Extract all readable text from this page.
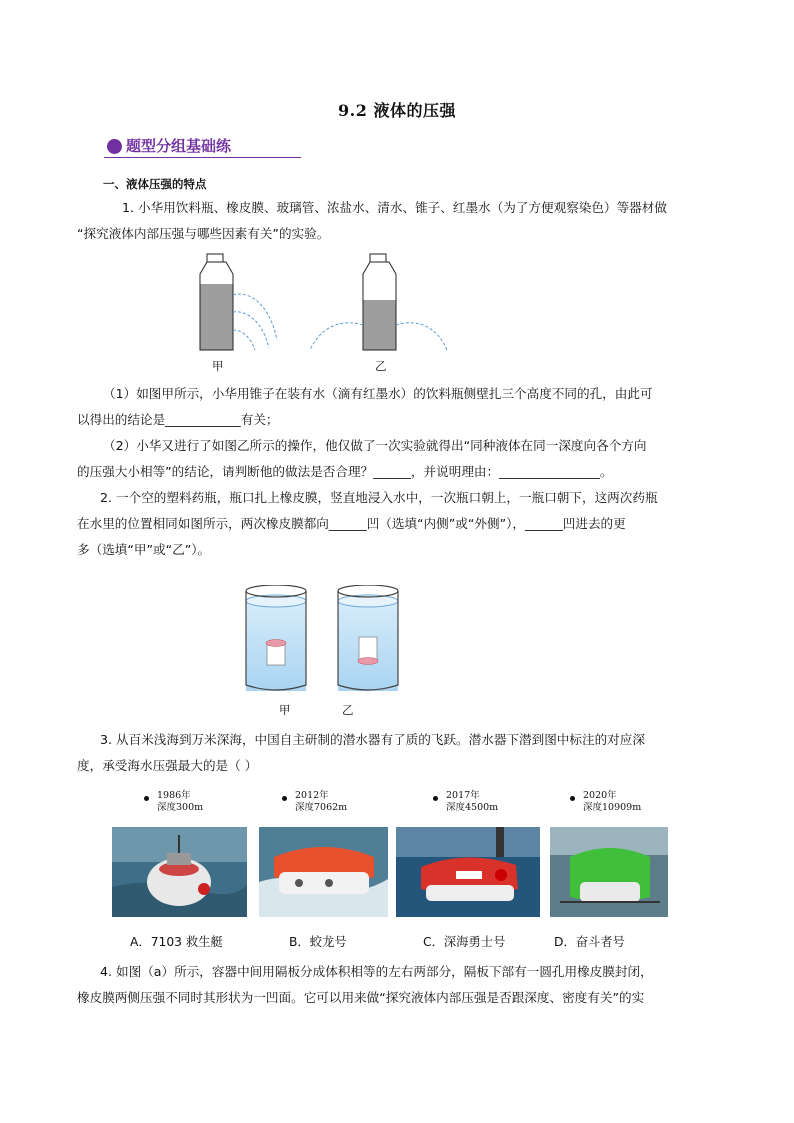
9.2 液体的压强
题型分组基础练
一、液体压强的特点
1. 小华用饮料瓶、橡皮膜、玻璃管、浓盐水、清水、锥子、红墨水（为了方便观察染色）等器材做
“探究液体内部压强与哪些因素有关”的实验。
甲	乙
（1）如图甲所示，小华用锥子在装有水（滴有红墨水）的饮料瓶侧壁扎三个高度不同的孔，由此可
以得出的结论是____________有关；
（2）小华又进行了如图乙所示的操作，他仅做了一次实验就得出“同种液体在同一深度向各个方向
的压强大小相等”的结论，请判断他的做法是否合理？______，并说明理由：________________。
2. 一个空的塑料药瓶，瓶口扎上橡皮膜，竖直地浸入水中，一次瓶口朝上，一瓶口朝下，这两次药瓶
在水里的位置相同如图所示，两次橡皮膜都向______凹（选填“内侧”或“外侧”），______凹进去的更
多（选填“甲”或“乙”）。
甲	乙
3. 从百米浅海到万米深海，中国自主研制的潜水器有了质的飞跃。潜水器下潜到图中标注的对应深
度，承受海水压强最大的是（ ）
1986年
深度300m
2012年
深度7062m
2017年
深度4500m
2020年
深度10909m
A．7103 救生艇	B．蛟龙号	C．深海勇士号	D．奋斗者号
4. 如图（a）所示，容器中间用隔板分成体积相等的左右两部分，隔板下部有一圆孔用橡皮膜封闭，
橡皮膜两侧压强不同时其形状为一凹面。它可以用来做“探究液体内部压强是否跟深度、密度有关”的实
